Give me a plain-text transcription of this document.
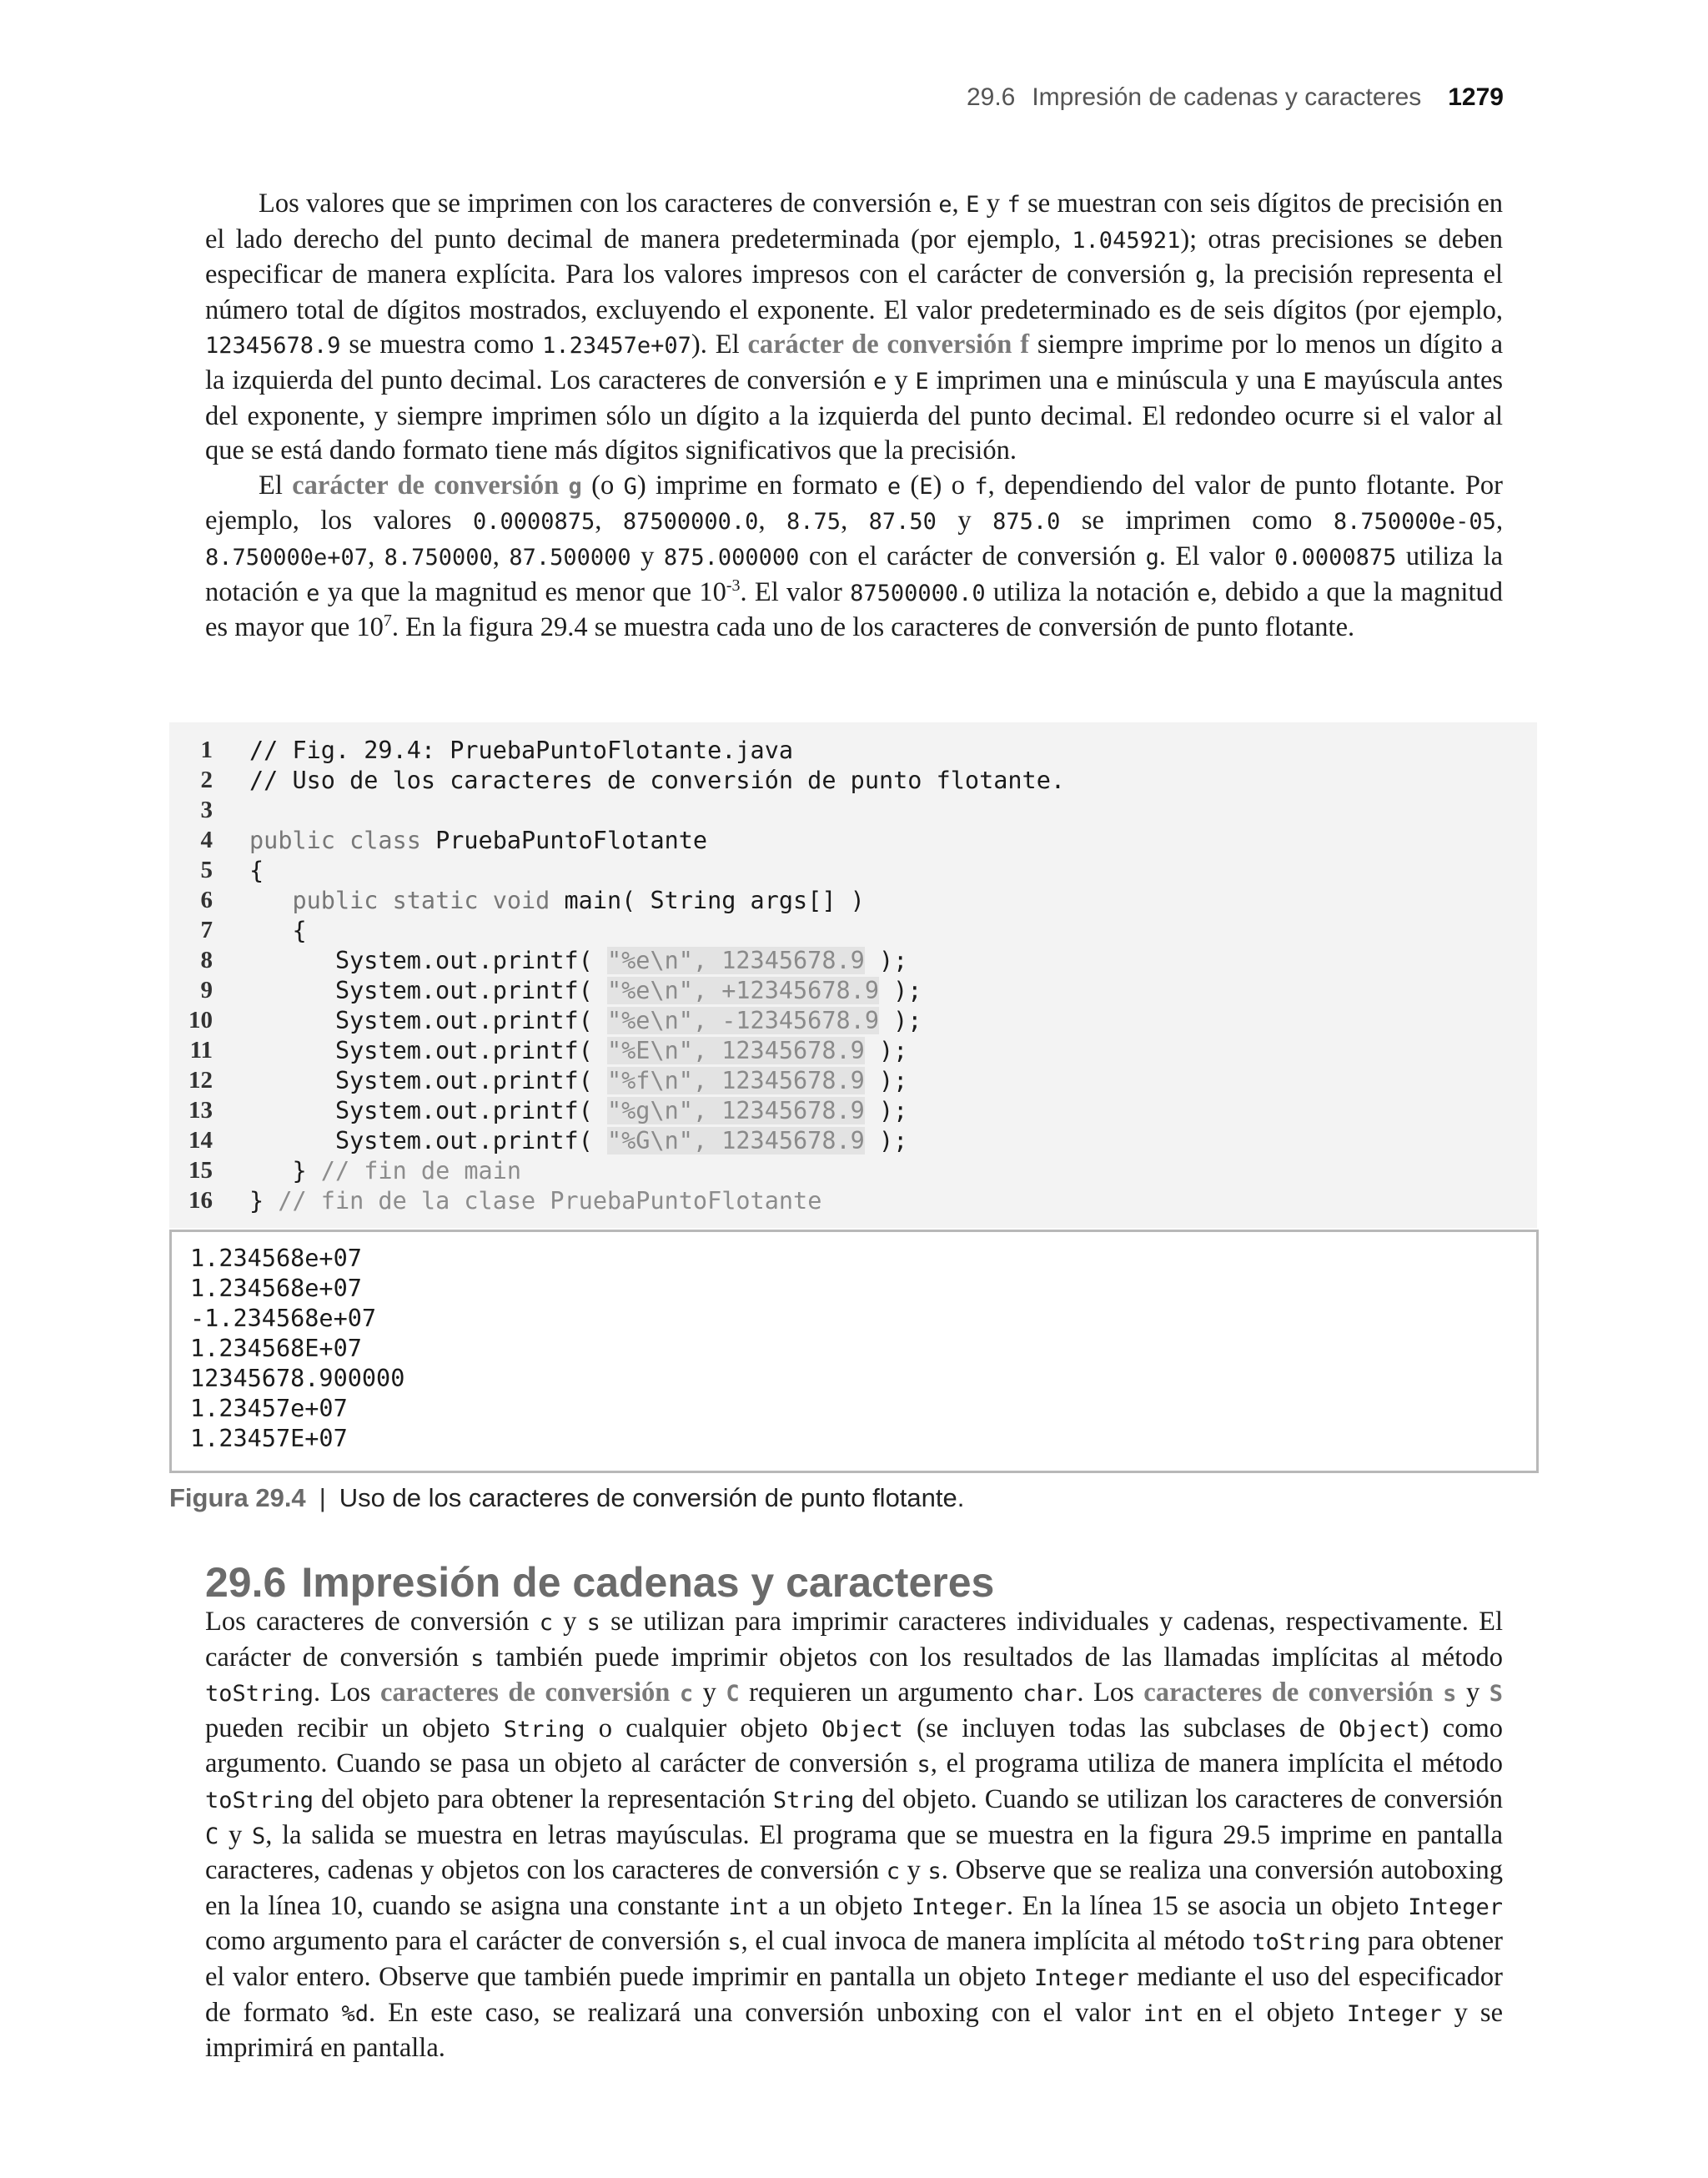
29.6 Impresión de cadenas y caracteres 1279

Los valores que se imprimen con los caracteres de conversión e, E y f se muestran con seis dígitos de precisión en el lado derecho del punto decimal de manera predeterminada (por ejemplo, 1.045921); otras precisiones se deben especificar de manera explícita. Para los valores impresos con el carácter de conversión g, la precisión representa el número total de dígitos mostrados, excluyendo el exponente. El valor predeterminado es de seis dígitos (por ejemplo, 12345678.9 se muestra como 1.23457e+07). El carácter de conversión f siempre imprime por lo menos un dígito a la izquierda del punto decimal. Los caracteres de conversión e y E imprimen una e minúscula y una E mayúscula antes del exponente, y siempre imprimen sólo un dígito a la izquierda del punto decimal. El redondeo ocurre si el valor al que se está dando formato tiene más dígitos significativos que la precisión.

El carácter de conversión g (o G) imprime en formato e (E) o f, dependiendo del valor de punto flotante. Por ejemplo, los valores 0.0000875, 87500000.0, 8.75, 87.50 y 875.0 se imprimen como 8.750000e-05, 8.750000e+07, 8.750000, 87.500000 y 875.000000 con el carácter de conversión g. El valor 0.0000875 utiliza la notación e ya que la magnitud es menor que $10^{-3}$. El valor 87500000.0 utiliza la notación e, debido a que la magnitud es mayor que $10^7$. En la figura 29.4 se muestra cada uno de los caracteres de conversión de punto flotante.

1	// Fig. 29.4: PruebaPuntoFlotante.java
2	// Uso de los caracteres de conversión de punto flotante.
3
4	public class PruebaPuntoFlotante
5	{
6	public static void main( String args[] )
7	{
8	System.out.printf( "%e\n", 12345678.9 );
9	System.out.printf( "%e\n", +12345678.9 );
10	System.out.printf( "%e\n", -12345678.9 );
11	System.out.printf( "%E\n", 12345678.9 );
12	System.out.printf( "%f\n", 12345678.9 );
13	System.out.printf( "%g\n", 12345678.9 );
14	System.out.printf( "%G\n", 12345678.9 );
15	} // fin de main
16	} // fin de la clase PruebaPuntoFlotante
1.234568e+07
1.234568e+07
-1.234568e+07
1.234568E+07
12345678.900000
1.23457e+07
1.23457E+07
Figura 29.4 | Uso de los caracteres de conversión de punto flotante.
29.6 Impresión de cadenas y caracteres

Los caracteres de conversión c y s se utilizan para imprimir caracteres individuales y cadenas, respectivamente. El carácter de conversión s también puede imprimir objetos con los resultados de las llamadas implícitas al método toString. Los caracteres de conversión c y C requieren un argumento char. Los caracteres de conversión s y S pueden recibir un objeto String o cualquier objeto Object (se incluyen todas las subclases de Object) como argumento. Cuando se pasa un objeto al carácter de conversión s, el programa utiliza de manera implícita el método toString del objeto para obtener la representación String del objeto. Cuando se utilizan los caracteres de conversión C y S, la salida se muestra en letras mayúsculas. El programa que se muestra en la figura 29.5 imprime en pantalla caracteres, cadenas y objetos con los caracteres de conversión c y s. Observe que se realiza una conversión autoboxing en la línea 10, cuando se asigna una constante int a un objeto Integer. En la línea 15 se asocia un objeto Integer como argumento para el carácter de conversión s, el cual invoca de manera implícita al método toString para obtener el valor entero. Observe que también puede imprimir en pantalla un objeto Integer mediante el uso del especificador de formato %d. En este caso, se realizará una conversión unboxing con el valor int en el objeto Integer y se imprimirá en pantalla.
